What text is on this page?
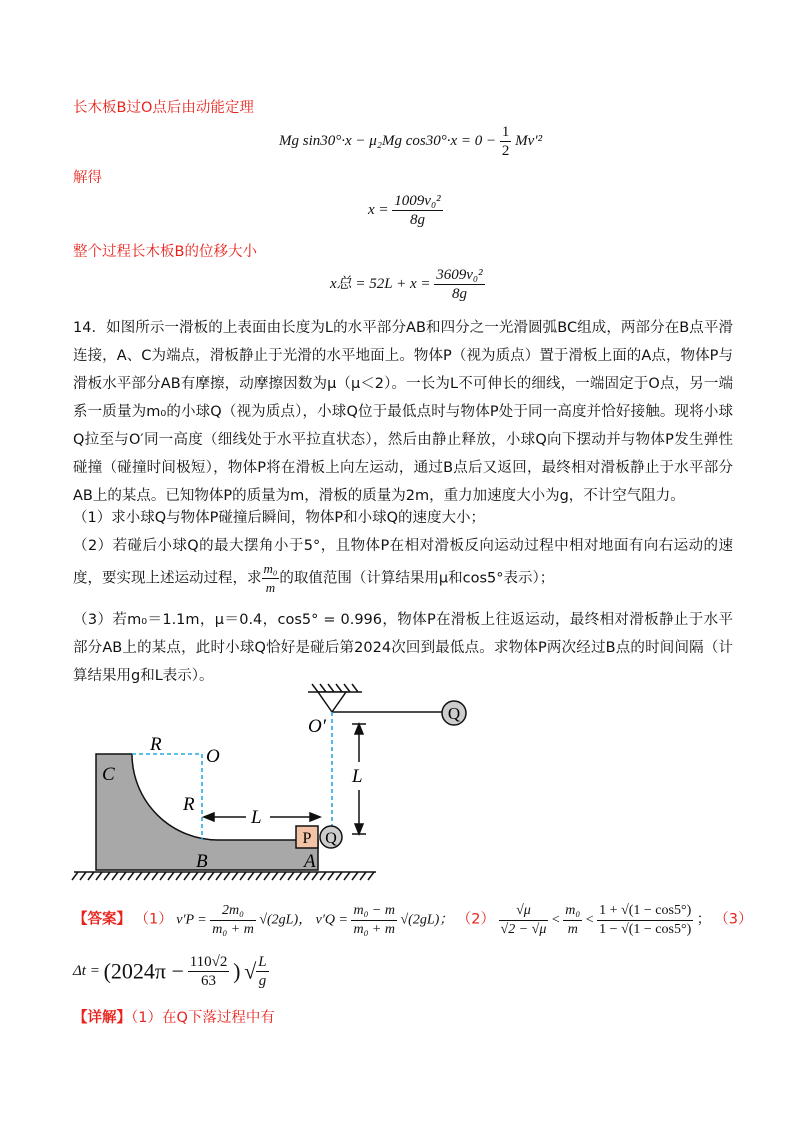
长木板B过O点后由动能定理
Mg sin30°·x − μ₂Mg $\cos 30^\circ\cdot x = 0 - \frac{1}{2} Mv'^2$
解得
$x = \frac{\text{1009v₀²}}{8g}$
整个过程长木板B的位移大小
x总 = $52L + x = \frac{\text{3609v₀²}}{8g}$
14．如图所示一滑板的上表面由长度为L的水平部分AB和四分之一光滑圆弧BC组成，两部分在B点平滑连接，A、C为端点，滑板静止于光滑的水平地面上。物体P（视为质点）置于滑板上面的A点，物体P与滑板水平部分AB有摩擦，动摩擦因数为μ（μ＜2）。一长为L不可伸长的细线，一端固定于O点，另一端系一质量为m₀的小球Q（视为质点），小球Q位于最低点时与物体P处于同一高度并恰好接触。现将小球Q拉至与O′同一高度（细线处于水平拉直状态），然后由静止释放，小球Q向下摆动并与物体P发生弹性碰撞（碰撞时间极短），物体P将在滑板上向左运动，通过B点后又返回，最终相对滑板静止于水平部分AB上的某点。已知物体P的质量为m，滑板的质量为2m，重力加速度大小为g，不计空气阻力。
（1）求小球Q与物体P碰撞后瞬间，物体P和小球Q的速度大小；
（2）若碰后小球Q的最大摆角小于5°，且物体P在相对滑板反向运动过程中相对地面有向右运动的速度，要实现上述运动过程，求 $\frac{\text{m₀}}{m}$ 的取值范围（计算结果用μ和cos5°表示）；
（3）若m₀＝1.1m，μ＝0.4，cos5° = 0.996，物体P在滑板上往返运动，最终相对滑板静止于水平部分AB上的某点，此时小球Q恰好是碰后第2024次回到最低点。求物体P两次经过B点的时间间隔（计算结果用g和L表示）。
Q
O′
L
R
O
C
R
L
P Q
B	A
【答案】 （1） $v'P = \frac{\text{2m₀}}{\text{m₀ + m}} √(2gL)$， $v'Q = \frac{\text{m₀ − m}}{\text{m₀ + m}} √(2gL)$； $(2) \frac{√\mu}{√2 - √\mu} < \frac{\text{m₀}}{m} < \frac{1 + √(1 - \cos 5^\circ)}{1 - √(1 - \cos 5^\circ)}$ ； （3）
$\Delta t = (2024\pi - \frac{110√2}{63}$ ) √ $\frac{L}{g}$
【详解】（1）在Q下落过程中有
